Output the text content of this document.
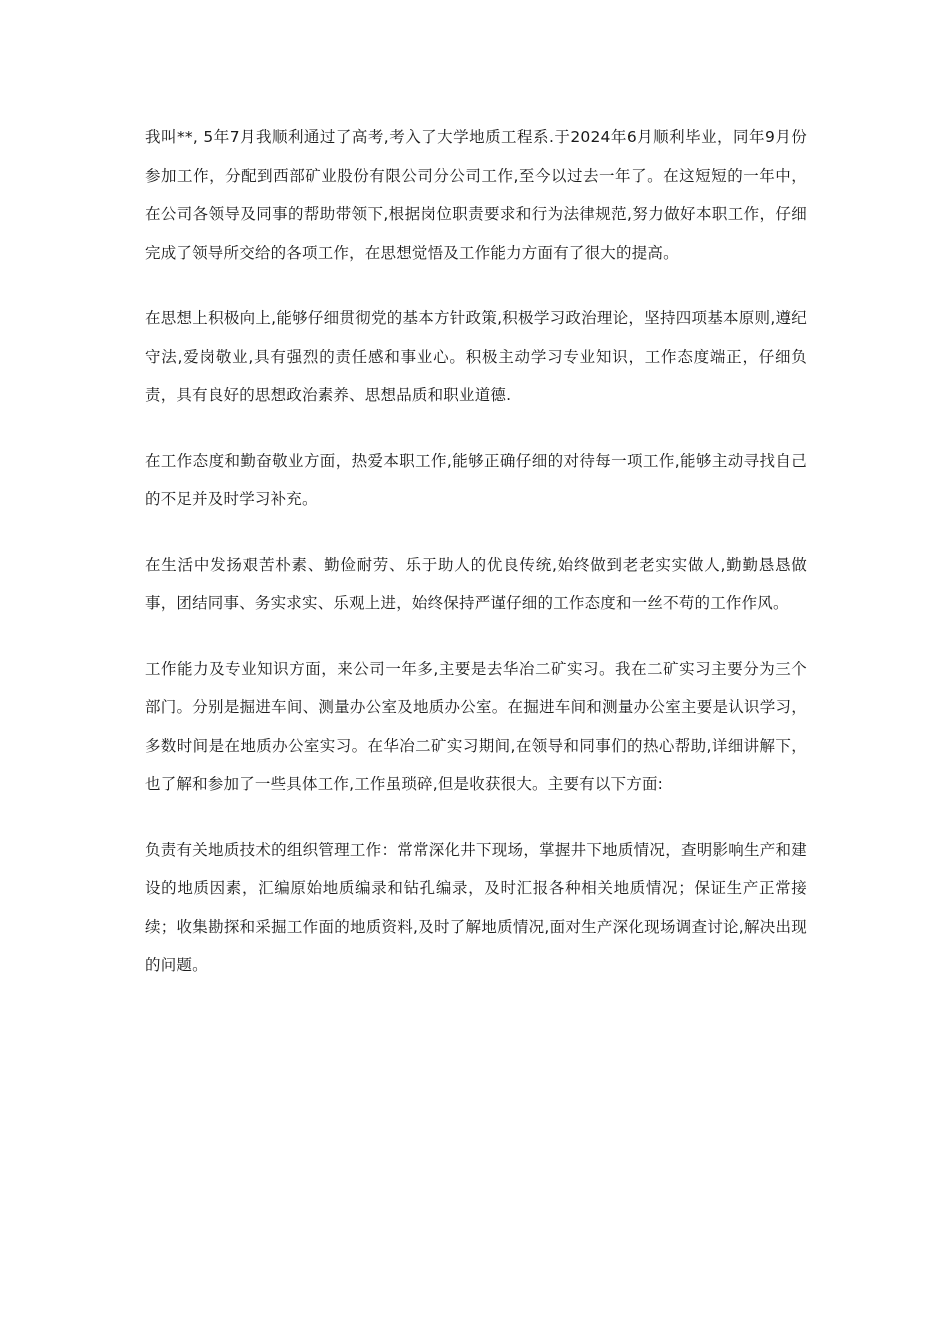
我叫**, 5年7月我顺利通过了高考,考入了大学地质工程系.于2024年6月顺利毕业，同年9月份参加工作，分配到西部矿业股份有限公司分公司工作,至今以过去一年了。在这短短的一年中，在公司各领导及同事的帮助带领下,根据岗位职责要求和行为法律规范,努力做好本职工作，仔细完成了领导所交给的各项工作，在思想觉悟及工作能力方面有了很大的提高。

在思想上积极向上,能够仔细贯彻党的基本方针政策,积极学习政治理论，坚持四项基本原则,遵纪守法,爱岗敬业,具有强烈的责任感和事业心。积极主动学习专业知识，工作态度端正，仔细负责，具有良好的思想政治素养、思想品质和职业道德.

在工作态度和勤奋敬业方面，热爱本职工作,能够正确仔细的对待每一项工作,能够主动寻找自己的不足并及时学习补充。

在生活中发扬艰苦朴素、勤俭耐劳、乐于助人的优良传统,始终做到老老实实做人,勤勤恳恳做事，团结同事、务实求实、乐观上进，始终保持严谨仔细的工作态度和一丝不苟的工作作风。

工作能力及专业知识方面，来公司一年多,主要是去华冶二矿实习。我在二矿实习主要分为三个部门。分别是掘进车间、测量办公室及地质办公室。在掘进车间和测量办公室主要是认识学习，多数时间是在地质办公室实习。在华冶二矿实习期间,在领导和同事们的热心帮助,详细讲解下，也了解和参加了一些具体工作,工作虽琐碎,但是收获很大。主要有以下方面:

负责有关地质技术的组织管理工作：常常深化井下现场，掌握井下地质情况，查明影响生产和建设的地质因素，汇编原始地质编录和钻孔编录，及时汇报各种相关地质情况；保证生产正常接续；收集勘探和采掘工作面的地质资料,及时了解地质情况,面对生产深化现场调查讨论,解决出现的问题。
